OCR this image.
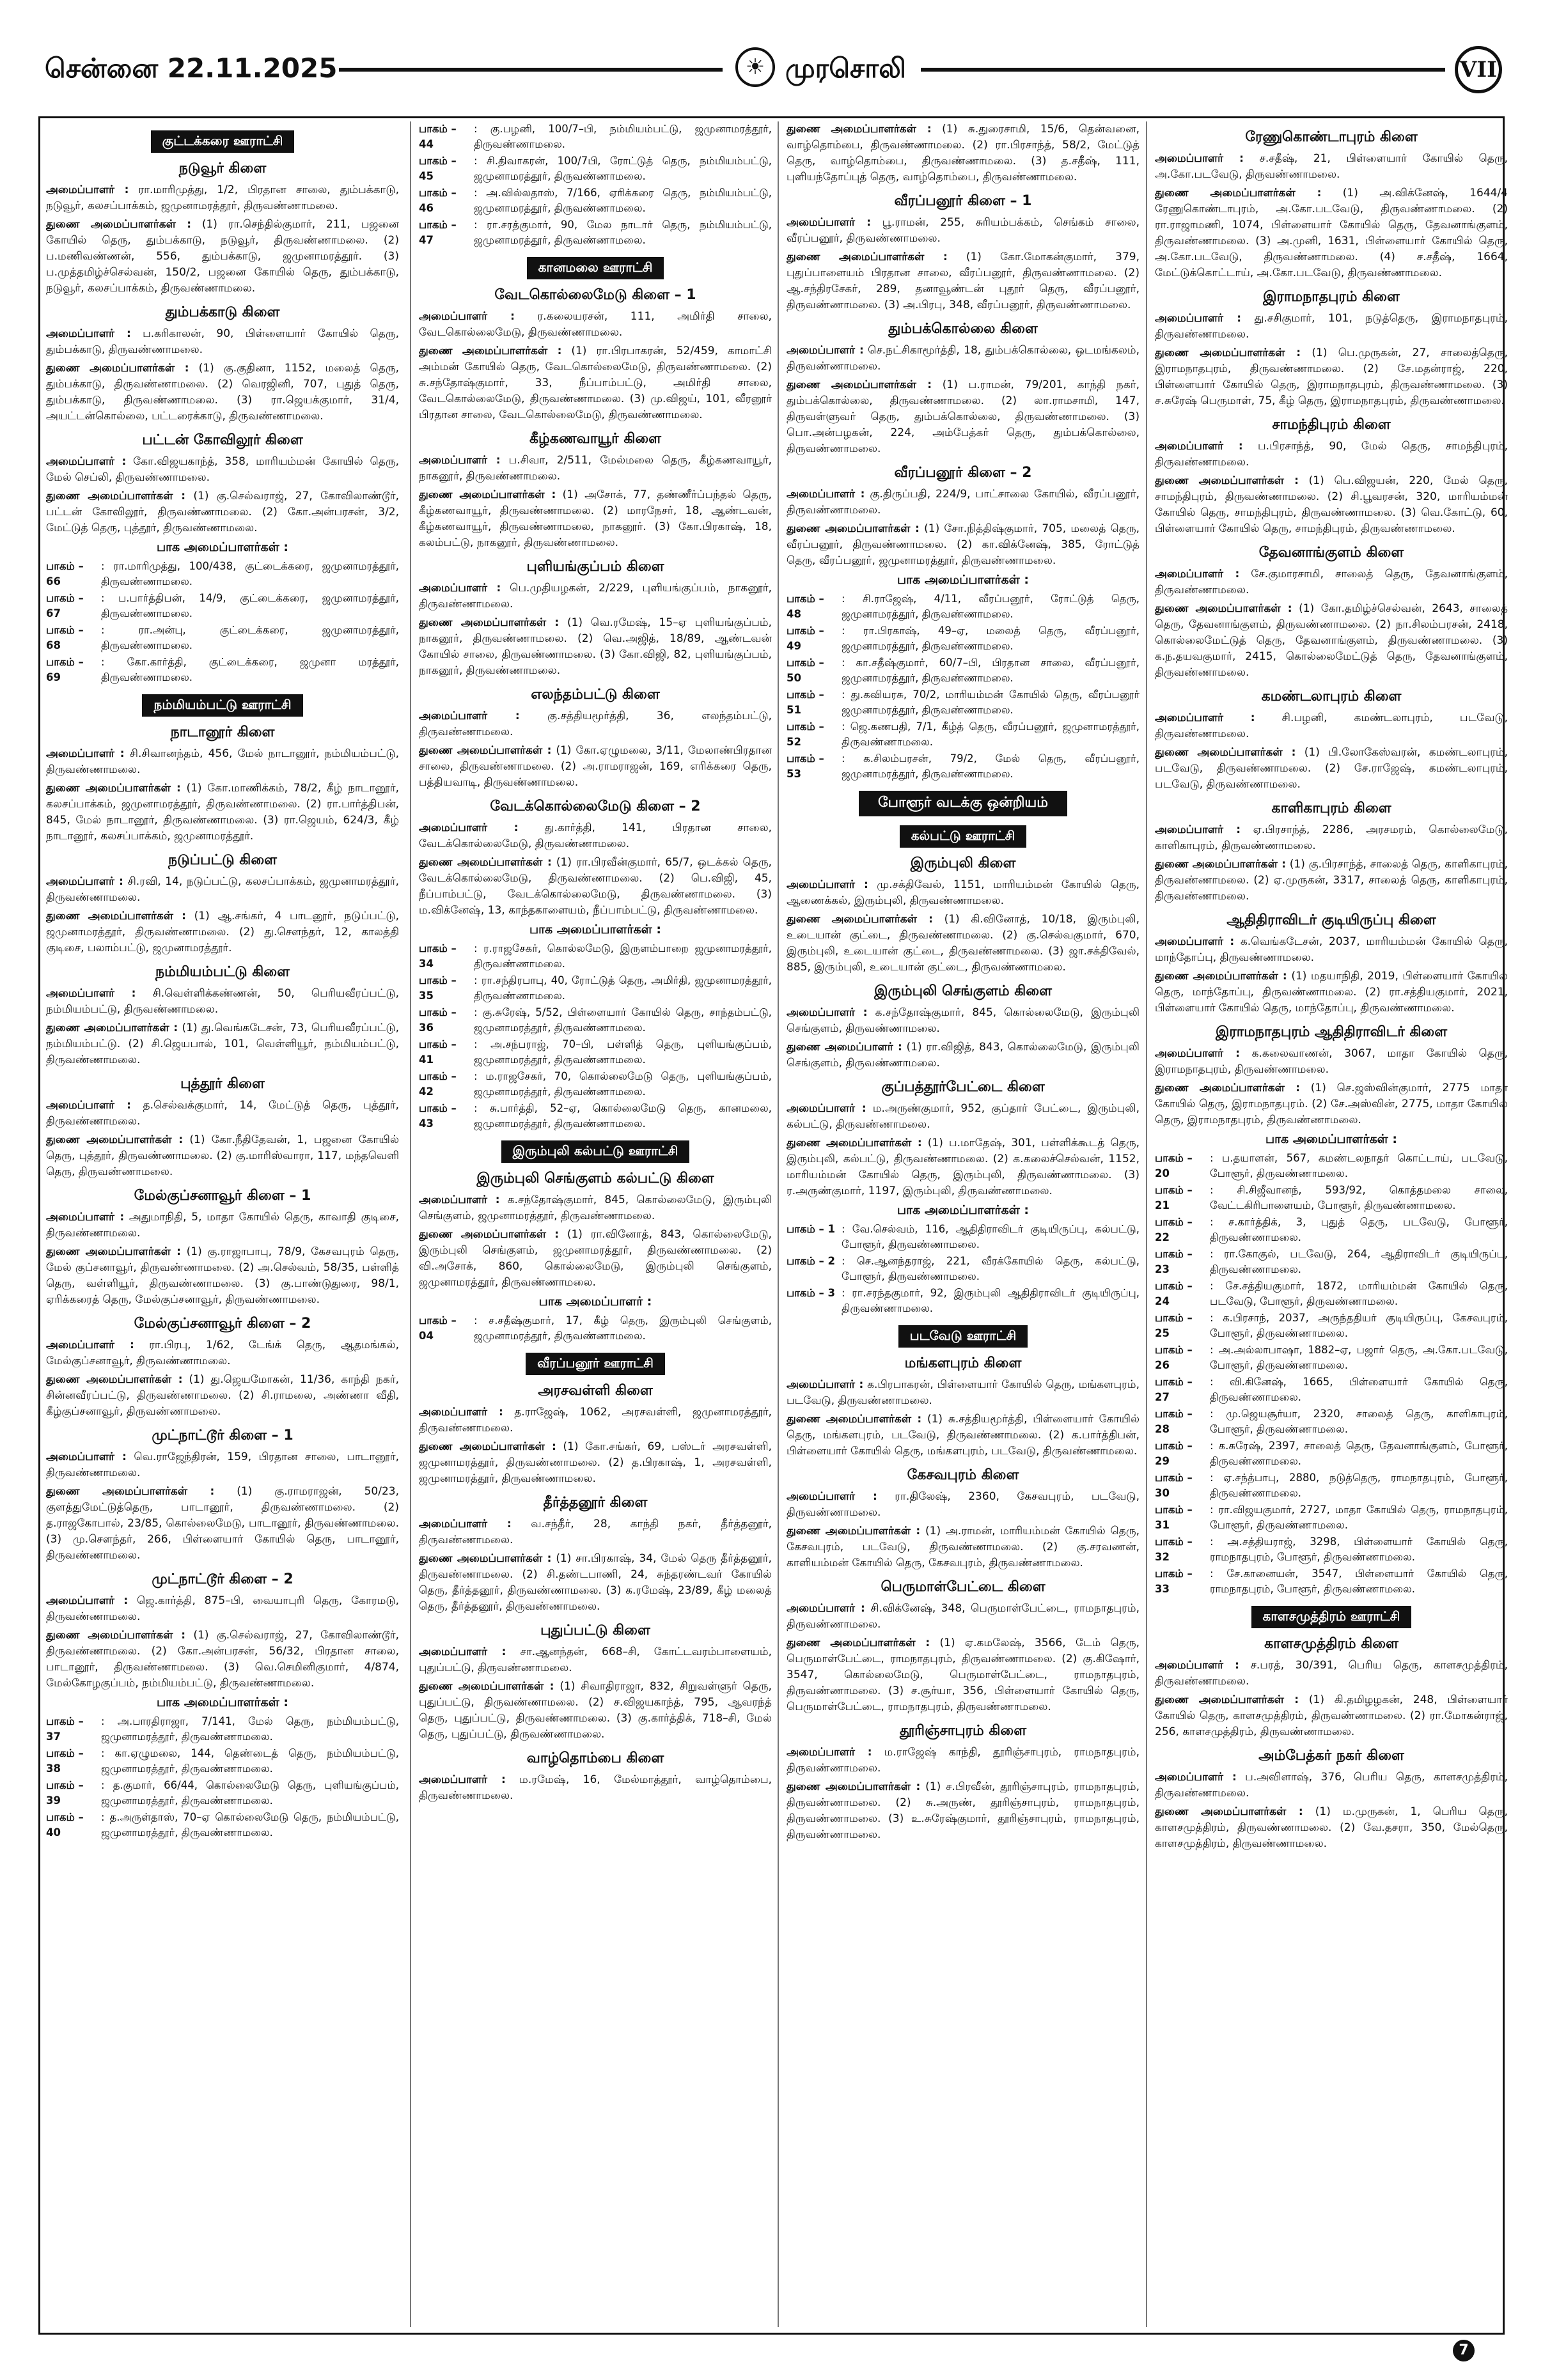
சென்னை 22.11.2025	☀ முரசொலி	VII
குட்டக்கரை ஊராட்சி
நடுவூர் கிளை

அமைப்பாளர் : ரா.மாரிமுத்து, 1/2, பிரதான சாலை, தும்பக்காடு, நடுவூர், கலசப்பாக்கம், ஜமுனாமரத்தூர், திருவண்ணாமலை.

துணை அமைப்பாளர்கள் : (1) ரா.செந்தில்குமார், 211, பஜனை கோயில் தெரு, தும்பக்காடு, நடுவூர், திருவண்ணாமலை. (2) ப.மணிவண்ணன், 556, தும்பக்காடு, ஜமுனாமரத்தூர். (3) ப.முத்தமிழ்ச்செல்வன், 150/2, பஜனை கோயில் தெரு, தும்பக்காடு, நடுவூர், கலசப்பாக்கம், திருவண்ணாமலை.

தும்பக்காடு கிளை

அமைப்பாளர் : ப.கரிகாலன், 90, பிள்ளையார் கோயில் தெரு, தும்பக்காடு, திருவண்ணாமலை.

துணை அமைப்பாளர்கள் : (1) கு.குதினா, 1152, மலைத் தெரு, தும்பக்காடு, திருவண்ணாமலை. (2) வெரஜினி, 707, புதுத் தெரு, தும்பக்காடு, திருவண்ணாமலை. (3) ரா.ஜெயக்குமார், 31/4, அயட்டன்கொல்லை, பட்டரைக்காடு, திருவண்ணாமலை.

பட்டன் கோவிலூர் கிளை

அமைப்பாளர் : கோ.விஜயகாந்த், 358, மாரியம்மன் கோயில் தெரு, மேல் செப்லி, திருவண்ணாமலை.

துணை அமைப்பாளர்கள் : (1) கு.செல்வராஜ், 27, கோவிலாண்டூர், பட்டன் கோவிலூர், திருவண்ணாமலை. (2) கோ.அன்பரசன், 3/2, மேட்டுத் தெரு, புத்தூர், திருவண்ணாமலை.

பாக அமைப்பாளர்கள் :
பாகம் – 66
: ரா.மாரிமுத்து, 100/438, குட்டைக்கரை, ஜமுனாமரத்தூர், திருவண்ணாமலை.
பாகம் – 67
: ப.பார்த்திபன், 14/9, குட்டைக்கரை, ஜமுனாமரத்தூர், திருவண்ணாமலை.
பாகம் – 68
: ரா.அன்பு, குட்டைக்கரை, ஜமுனாமரத்தூர், திருவண்ணாமலை.
பாகம் – 69
: கோ.கார்த்தி, குட்டைக்கரை, ஜமுனா மரத்தூர், திருவண்ணாமலை.
நம்மியம்பட்டு ஊராட்சி
நாடானூர் கிளை

அமைப்பாளர் : சி.சிவானந்தம், 456, மேல் நாடானூர், நம்மியம்பட்டு, திருவண்ணாமலை.

துணை அமைப்பாளர்கள் : (1) கோ.மாணிக்கம், 78/2, கீழ் நாடானூர், கலசப்பாக்கம், ஜமுனாமரத்தூர், திருவண்ணாமலை. (2) ரா.பார்த்திபன், 845, மேல் நாடானூர், திருவண்ணாமலை. (3) ரா.ஜெயம், 624/3, கீழ் நாடானூர், கலசப்பாக்கம், ஜமுனாமரத்தூர்.

நடுப்பட்டு கிளை

அமைப்பாளர் : சி.ரவி, 14, நடுப்பட்டு, கலசப்பாக்கம், ஜமுனாமரத்தூர், திருவண்ணாமலை.

துணை அமைப்பாளர்கள் : (1) ஆ.சங்கர், 4 பாடனூர், நடுப்பட்டு, ஜமுனாமரத்தூர், திருவண்ணாமலை. (2) து.சௌந்தர், 12, காலத்தி குடிசை, பலாம்பட்டு, ஜமுனாமரத்தூர்.

நம்மியம்பட்டு கிளை

அமைப்பாளர் : சி.வெள்ளிக்கண்ணன், 50, பெரியவீரப்பட்டு, நம்மியம்பட்டு, திருவண்ணாமலை.

துணை அமைப்பாளர்கள் : (1) து.வெங்கடேசன், 73, பெரியவீரப்பட்டு, நம்மியம்பட்டு. (2) சி.ஜெயபால், 101, வெள்ளியூர், நம்மியம்பட்டு, திருவண்ணாமலை.

புத்தூர் கிளை

அமைப்பாளர் : த.செல்வக்குமார், 14, மேட்டுத் தெரு, புத்தூர், திருவண்ணாமலை.

துணை அமைப்பாளர்கள் : (1) கோ.நீதிதேவன், 1, பஜனை கோயில் தெரு, புத்தூர், திருவண்ணாமலை. (2) கு.மாரிஸ்வாரா, 117, மந்தவெளி தெரு, திருவண்ணாமலை.

மேல்குப்சனாவூர் கிளை – 1

அமைப்பாளர் : அதுமாநிதி, 5, மாதா கோயில் தெரு, காவாதி குடிசை, திருவண்ணாமலை.

துணை அமைப்பாளர்கள் : (1) கு.ராஜாபாபு, 78/9, கேசவபுரம் தெரு, மேல் குப்சனாவூர், திருவண்ணாமலை. (2) அ.செல்வம், 58/35, பள்ளித் தெரு, வள்ளியூர், திருவண்ணாமலை. (3) கு.பாண்டுதுரை, 98/1, ஏரிக்கரைத் தெரு, மேல்குப்சனாவூர், திருவண்ணாமலை.

மேல்குப்சனாவூர் கிளை – 2

அமைப்பாளர் : ரா.பிரபு, 1/62, டேங்க் தெரு, ஆதமங்கல், மேல்குப்சனாவூர், திருவண்ணாமலை.

துணை அமைப்பாளர்கள் : (1) து.ஜெயமோகன், 11/36, காந்தி நகர், சின்னவீரப்பட்டு, திருவண்ணாமலை. (2) சி.ராமலை, அண்ணா வீதி, கீழ்குப்சனாவூர், திருவண்ணாமலை.

முட்நாட்டூர் கிளை – 1

அமைப்பாளர் : வெ.ராஜேந்திரன், 159, பிரதான சாலை, பாடானூர், திருவண்ணாமலை.

துணை அமைப்பாளர்கள் : (1) கு.ராமராஜன், 50/23, குளத்துமேட்டுத்தெரு, பாடானூர், திருவண்ணாமலை. (2) த.ராஜகோபால், 23/85, கொல்லைமேடு, பாடானூர், திருவண்ணாமலை. (3) மு.செளந்தர், 266, பிள்ளையார் கோயில் தெரு, பாடானூர், திருவண்ணாமலை.

முட்நாட்டூர் கிளை – 2

அமைப்பாளர் : ஜெ.கார்த்தி, 875–பி, வையாபுரி தெரு, கோரமடு, திருவண்ணாமலை.

துணை அமைப்பாளர்கள் : (1) கு.செல்வராஜ், 27, கோவிலாண்டூர், திருவண்ணாமலை. (2) கோ.அன்பரசன், 56/32, பிரதான சாலை, பாடானூர், திருவண்ணாமலை. (3) வெ.செமினிகுமார், 4/874, மேல்கோழகுப்பம், நம்மியம்பட்டு, திருவண்ணாமலை.

பாக அமைப்பாளர்கள் :
பாகம் – 37
: அ.பாரதிராஜா, 7/141, மேல் தெரு, நம்மியம்பட்டு, ஜமுனாமரத்தூர், திருவண்ணாமலை.
பாகம் – 38
: கா.ஏழுமலை, 144, தெண்டைத் தெரு, நம்மியம்பட்டு, ஜமுனாமரத்தூர், திருவண்ணாமலை.
பாகம் – 39
: த.குமார், 66/44, கொல்லைமேடு தெரு, புளியங்குப்பம், ஜமுனாமரத்தூர், திருவண்ணாமலை.
பாகம் – 40
: த.அருள்தாஸ், 70–ஏ கொல்லைமேடு தெரு, நம்மியம்பட்டு, ஜமுனாமரத்தூர், திருவண்ணாமலை.
பாகம் – 44
: கு.பழனி, 100/7–பி, நம்மியம்பட்டு, ஜமுனாமரத்தூர், திருவண்ணாமலை.
பாகம் – 45
: சி.திவாகரன், 100/7பி, ரோட்டுத் தெரு, நம்மியம்பட்டு, ஜமுனாமரத்தூர், திருவண்ணாமலை.
பாகம் – 46
: அ.வில்லதாஸ், 7/166, ஏரிக்கரை தெரு, நம்மியம்பட்டு, ஜமுனாமரத்தூர், திருவண்ணாமலை.
பாகம் – 47
: ரா.சரத்குமார், 90, மேல நாடார் தெரு, நம்மியம்பட்டு, ஜமுனாமரத்தூர், திருவண்ணாமலை.
கானமலை ஊராட்சி
வேடகொல்லைமேடு கிளை – 1

அமைப்பாளர் : ர.கலையரசன், 111, அமிர்தி சாலை, வேடகொல்லைமேடு, திருவண்ணாமலை.

துணை அமைப்பாளர்கள் : (1) ரா.பிரபாகரன், 52/459, காமாட்சி அம்மன் கோயில் தெரு, வேடகொல்லைமேடு, திருவண்ணாமலை. (2) சு.சந்தோஷ்குமார், 33, நீப்பாம்பட்டு, அமிர்தி சாலை, வேடகொல்லைமேடு, திருவண்ணாமலை. (3) மு.விஜய், 101, வீரனூர் பிரதான சாலை, வேடகொல்லைமேடு, திருவண்ணாமலை.

கீழ்கணவாயூர் கிளை

அமைப்பாளர் : ப.சிவா, 2/511, மேல்மலை தெரு, கீழ்கணவாயூர், நாகனூர், திருவண்ணாமலை.

துணை அமைப்பாளர்கள் : (1) அசோக், 77, தண்ணீர்ப்பந்தல் தெரு, கீழ்கணவாயூர், திருவண்ணாமலை. (2) மாரநேசர், 18, ஆண்டவன், கீழ்கணவாயூர், திருவண்ணாமலை, நாகனூர். (3) கோ.பிரகாஷ், 18, கலம்பட்டு, நாகனூர், திருவண்ணாமலை.

புளியங்குப்பம் கிளை

அமைப்பாளர் : பெ.முதியழகன், 2/229, புளியங்குப்பம், நாகனூர், திருவண்ணாமலை.

துணை அமைப்பாளர்கள் : (1) வெ.ரமேஷ், 15–ஏ புளியங்குப்பம், நாகனூர், திருவண்ணாமலை. (2) வெ.அஜித், 18/89, ஆண்டவன் கோயில் சாலை, திருவண்ணாமலை. (3) கோ.விஜி, 82, புளியங்குப்பம், நாகனூர், திருவண்ணாமலை.

எலந்தம்பட்டு கிளை

அமைப்பாளர் : கு.சத்தியமூர்த்தி, 36, எலந்தம்பட்டு, திருவண்ணாமலை.

துணை அமைப்பாளர்கள் : (1) கோ.ஏழுமலை, 3/11, மேலாண்பிரதான சாலை, திருவண்ணாமலை. (2) அ.ராமராஜன், 169, எரிக்கரை தெரு, பத்தியவாடி, திருவண்ணாமலை.

வேடக்கொல்லைமேடு கிளை – 2

அமைப்பாளர் : து.கார்த்தி, 141, பிரதான சாலை, வேடக்கொல்லைமேடு, திருவண்ணாமலை.

துணை அமைப்பாளர்கள் : (1) ரா.பிரவீன்குமார், 65/7, ஒடக்கல் தெரு, வேடக்கொல்லைமேடு, திருவண்ணாமலை. (2) பெ.விஜி, 45, நீப்பாம்பட்டு, வேடக்கொல்லைமேடு, திருவண்ணாமலை. (3) ம.விக்னேஷ், 13, காந்தகாளையம், நீப்பாம்பட்டு, திருவண்ணாமலை.

பாக அமைப்பாளர்கள் :
பாகம் – 34
: ர.ராஜசேகர், கொல்லமேடு, இருளம்பாறை ஜமுனாமரத்தூர், திருவண்ணாமலை.
பாகம் – 35
: ரா.சந்திரபாபு, 40, ரோட்டுத் தெரு, அமிர்தி, ஜமுனாமரத்தூர், திருவண்ணாமலை.
பாகம் – 36
: கு.சுரேஷ், 5/52, பிள்ளையார் கோயில் தெரு, சாந்தம்பட்டு, ஜமுனாமரத்தூர், திருவண்ணாமலை.
பாகம் – 41
: அ.சந்பராஜ், 70–பி, பள்ளித் தெரு, புளியங்குப்பம், ஜமுனாமரத்தூர், திருவண்ணாமலை.
பாகம் – 42
: ம.ராஜசேகர், 70, கொல்லைமேடு தெரு, புளியங்குப்பம், ஜமுனாமரத்தூர், திருவண்ணாமலை.
பாகம் – 43
: சு.பார்த்தி, 52–ஏ, கொல்லைமேடு தெரு, கானமலை, ஜமுனாமரத்தூர், திருவண்ணாமலை.
இரும்புலி கல்பட்டு ஊராட்சி
இரும்புலி செங்குளம் கல்பட்டு கிளை

அமைப்பாளர் : க.சந்தோஷ்குமார், 845, கொல்லைமேடு, இரும்புலி செங்குளம், ஜமுனாமரத்தூர், திருவண்ணாமலை.

துணை அமைப்பாளர்கள் : (1) ரா.வினோத், 843, கொல்லைமேடு, இரும்புலி செங்குளம், ஜமுனாமரத்தூர், திருவண்ணாமலை. (2) வி.அசோக், 860, கொல்லைமேடு, இரும்புலி செங்குளம், ஜமுனாமரத்தூர், திருவண்ணாமலை.

பாக அமைப்பாளர் :
பாகம் – 04
: ச.சதீஷ்குமார், 17, கீழ் தெரு, இரும்புலி செங்குளம், ஜமுனாமரத்தூர், திருவண்ணாமலை.
வீரப்பனூர் ஊராட்சி
அரசவள்ளி கிளை

அமைப்பாளர் : த.ராஜேஷ், 1062, அரசவள்ளி, ஜமுனாமரத்தூர், திருவண்ணாமலை.

துணை அமைப்பாளர்கள் : (1) கோ.சங்கர், 69, பஸ்டர் அரசவள்ளி, ஜமுனாமரத்தூர், திருவண்ணாமலை. (2) த.பிரகாஷ், 1, அரசவள்ளி, ஜமுனாமரத்தூர், திருவண்ணாமலை.

தீர்த்தனூர் கிளை

அமைப்பாளர் : வ.சந்தீர், 28, காந்தி நகர், தீர்த்தனூர், திருவண்ணாமலை.

துணை அமைப்பாளர்கள் : (1) சா.பிரகாஷ், 34, மேல் தெரு தீர்த்தனூர், திருவண்ணாமலை. (2) சி.தண்டபாணி, 24, சுந்தரண்டவர் கோயில் தெரு, தீர்த்தனூர், திருவண்ணாமலை. (3) க.ரமேஷ், 23/89, கீழ் மலைத் தெரு, தீர்த்தனூர், திருவண்ணாமலை.

புதுப்பட்டு கிளை

அமைப்பாளர் : சா.ஆனந்தன், 668–சி, கோட்டவரம்பாளையம், புதுப்பட்டு, திருவண்ணாமலை.

துணை அமைப்பாளர்கள் : (1) சிவாதிராஜா, 832, சிறுவள்ளுர் தெரு, புதுப்பட்டு, திருவண்ணாமலை. (2) ச.விஜயகாந்த், 795, ஆவரந்த் தெரு, புதுப்பட்டு, திருவண்ணாமலை. (3) கு.கார்த்திக், 718–சி, மேல் தெரு, புதுப்பட்டு, திருவண்ணாமலை.

வாழ்தொம்பை கிளை

அமைப்பாளர் : ம.ரமேஷ், 16, மேல்மாத்தூர், வாழ்தொம்பை, திருவண்ணாமலை.

துணை அமைப்பாளர்கள் : (1) சு.துரைசாமி, 15/6, தென்வனை, வாழ்தொம்பை, திருவண்ணாமலை. (2) ரா.பிரசாந்த், 58/2, மேட்டுத் தெரு, வாழ்தொம்பை, திருவண்ணாமலை. (3) த.சதீஷ், 111, புளியந்தோப்புத் தெரு, வாழ்தொம்பை, திருவண்ணாமலை.

வீரப்பனூர் கிளை – 1

அமைப்பாளர் : பூ.ராமன், 255, சுரியம்பக்கம், செங்கம் சாலை, வீரப்பனூர், திருவண்ணாமலை.

துணை அமைப்பாளர்கள் : (1) கோ.மோகன்குமார், 379, புதுப்பாளையம் பிரதான சாலை, வீரப்பனூர், திருவண்ணாமலை. (2) ஆ.சந்திரசேகர், 289, தனாவூண்டன் புதூர் தெரு, வீரப்பனூர், திருவண்ணாமலை. (3) அ.பிரபு, 348, வீரப்பனூர், திருவண்ணாமலை.

தும்பக்கொல்லை கிளை

அமைப்பாளர் : செ.நட்சிகாமூர்த்தி, 18, தும்பக்கொல்லை, ஒடமங்கலம், திருவண்ணாமலை.

துணை அமைப்பாளர்கள் : (1) ப.ராமன், 79/201, காந்தி நகர், தும்பக்கொல்லை, திருவண்ணாமலை. (2) லா.ராமசாமி, 147, திருவள்ளுவர் தெரு, தும்பக்கொல்லை, திருவண்ணாமலை. (3) பொ.அன்பழகன், 224, அம்பேத்கர் தெரு, தும்பக்கொல்லை, திருவண்ணாமலை.

வீரப்பனூர் கிளை – 2

அமைப்பாளர் : கு.திருப்பதி, 224/9, பாட்சாலை கோயில், வீரப்பனூர், திருவண்ணாமலை.

துணை அமைப்பாளர்கள் : (1) சோ.நித்திஷ்குமார், 705, மலைத் தெரு, வீரப்பனூர், திருவண்ணாமலை. (2) கா.விக்னேஷ், 385, ரோட்டுத் தெரு, வீரப்பனூர், ஜமுனாமரத்தூர், திருவண்ணாமலை.

பாக அமைப்பாளர்கள் :
பாகம் – 48
: சி.ராஜேஷ், 4/11, வீரப்பனூர், ரோட்டுத் தெரு, ஜமுனாமரத்தூர், திருவண்ணாமலை.
பாகம் – 49
: ரா.பிரகாஷ், 49–ஏ, மலைத் தெரு, வீரப்பனூர், ஜமுனாமரத்தூர், திருவண்ணாமலை.
பாகம் – 50
: கா.சதீஷ்குமார், 60/7–பி, பிரதான சாலை, வீரப்பனூர், ஜமுனாமரத்தூர், திருவண்ணாமலை.
பாகம் – 51
: து.கவியரசு, 70/2, மாரியம்மன் கோயில் தெரு, வீரப்பனூர் ஜமுனாமரத்தூர், திருவண்ணாமலை.
பாகம் – 52
: ஜெ.கணபதி, 7/1, கீழ்த் தெரு, வீரப்பனூர், ஜமுனாமரத்தூர், திருவண்ணாமலை.
பாகம் – 53
: க.சிலம்பரசன், 79/2, மேல் தெரு, வீரப்பனூர், ஜமுனாமரத்தூர், திருவண்ணாமலை.
போளூர் வடக்கு ஒன்றியம்
கல்பட்டு ஊராட்சி
இரும்புலி கிளை

அமைப்பாளர் : மு.சக்திவேல், 1151, மாரியம்மன் கோயில் தெரு, ஆணைக்கல், இரும்புலி, திருவண்ணாமலை.

துணை அமைப்பாளர்கள் : (1) கி.வினோத், 10/18, இரும்புலி, உடையான் குட்டை, திருவண்ணாமலை. (2) கு.செல்வகுமார், 670, இரும்புலி, உடையான் குட்டை, திருவண்ணாமலை. (3) ஜா.சக்திவேல், 885, இரும்புலி, உடையான் குட்டை, திருவண்ணாமலை.

இரும்புலி செங்குளம் கிளை

அமைப்பாளர் : க.சந்தோஷ்குமார், 845, கொல்லைமேடு, இரும்புலி செங்குளம், திருவண்ணாமலை.

துணை அமைப்பாளர் : (1) ரா.விஜித், 843, கொல்லைமேடு, இரும்புலி செங்குளம், திருவண்ணாமலை.

குப்பத்தூர்பேட்டை கிளை

அமைப்பாளர் : ம.அருண்குமார், 952, குப்தார் பேட்டை, இரும்புலி, கல்பட்டு, திருவண்ணாமலை.

துணை அமைப்பாளர்கள் : (1) ப.மாதேஷ், 301, பள்ளிக்கூடத் தெரு, இரும்புலி, கல்பட்டு, திருவண்ணாமலை. (2) க.கலைச்செல்வன், 1152, மாரியம்மன் கோயில் தெரு, இரும்புலி, திருவண்ணாமலை. (3) ர.அருண்குமார், 1197, இரும்புலி, திருவண்ணாமலை.

பாக அமைப்பாளர்கள் :
பாகம் – 1 : வே.செல்வம், 116, ஆதிதிராவிடர் குடியிருப்பு, கல்பட்டு, போளூர், திருவண்ணாமலை.
பாகம் – 2 : செ.ஆனந்தராஜ், 221, வீரக்கோயில் தெரு, கல்பட்டு, போளூர், திருவண்ணாமலை.
பாகம் – 3 : ரா.சரந்தகுமார், 92, இரும்புலி ஆதிதிராவிடர் குடியிருப்பு, திருவண்ணாமலை.
படவேடு ஊராட்சி
மங்களபுரம் கிளை

அமைப்பாளர் : க.பிரபாகரன், பிள்ளையார் கோயில் தெரு, மங்களபுரம், படவேடு, திருவண்ணாமலை.

துணை அமைப்பாளர்கள் : (1) சு.சத்தியமூர்த்தி, பிள்ளையார் கோயில் தெரு, மங்களபுரம், படவேடு, திருவண்ணாமலை. (2) க.பார்த்திபன், பிள்ளையார் கோயில் தெரு, மங்களபுரம், படவேடு, திருவண்ணாமலை.

கேசவபுரம் கிளை

அமைப்பாளர் : ரா.திலேஷ், 2360, கேசவபுரம், படவேடு, திருவண்ணாமலை.

துணை அமைப்பாளர்கள் : (1) அ.ராமன், மாரியம்மன் கோயில் தெரு, கேசவபுரம், படவேடு, திருவண்ணாமலை. (2) கு.சரவணன், காளியம்மன் கோயில் தெரு, கேசவபுரம், திருவண்ணாமலை.

பெருமாள்பேட்டை கிளை

அமைப்பாளர் : சி.விக்னேஷ், 348, பெருமாள்பேட்டை, ராமநாதபுரம், திருவண்ணாமலை.

துணை அமைப்பாளர்கள் : (1) ஏ.கமலேஷ், 3566, டேம் தெரு, பெருமாள்பேட்டை, ராமநாதபுரம், திருவண்ணாமலை. (2) கு.கிஷோர், 3547, கொல்லைமேடு, பெருமாள்பேட்டை, ராமநாதபுரம், திருவண்ணாமலை. (3) ச.சூர்யா, 356, பிள்ளையார் கோயில் தெரு, பெருமாள்பேட்டை, ராமநாதபுரம், திருவண்ணாமலை.

தூரிஞ்சாபுரம் கிளை

அமைப்பாளர் : ம.ராஜேஷ் காந்தி, தூரிஞ்சாபுரம், ராமநாதபுரம், திருவண்ணாமலை.

துணை அமைப்பாளர்கள் : (1) ச.பிரவீன், தூரிஞ்சாபுரம், ராமநாதபுரம், திருவண்ணாமலை. (2) சு.அருண், தூரிஞ்சாபுரம், ராமநாதபுரம், திருவண்ணாமலை. (3) உ.சுரேஷ்குமார், தூரிஞ்சாபுரம், ராமநாதபுரம், திருவண்ணாமலை.

ரேணுகொண்டாபுரம் கிளை

அமைப்பாளர் : ச.சதீஷ், 21, பிள்ளையார் கோயில் தெரு, அ.கோ.படவேடு, திருவண்ணாமலை.

துணை அமைப்பாளர்கள் : (1) அ.விக்னேஷ், 1644/4 ரேணுகொண்டாபுரம், அ.கோ.படவேடு, திருவண்ணாமலை. (2) ரா.ராஜாமணி, 1074, பிள்ளையார் கோயில் தெரு, தேவனாங்குளம், திருவண்ணாமலை. (3) அ.முனி, 1631, பிள்ளையார் கோயில் தெரு, அ.கோ.படவேடு, திருவண்ணாமலை. (4) ச.சதீஷ், 1664, மேட்டுக்கொட்டாய், அ.கோ.படவேடு, திருவண்ணாமலை.

இராமநாதபுரம் கிளை

அமைப்பாளர் : து.சசிகுமார், 101, நடுத்தெரு, இராமநாதபுரம், திருவண்ணாமலை.

துணை அமைப்பாளர்கள் : (1) பெ.முருகன், 27, சாலைத்தெரு, இராமநாதபுரம், திருவண்ணாமலை. (2) சே.மதன்ராஜ், 220, பிள்ளையார் கோயில் தெரு, இராமநாதபுரம், திருவண்ணாமலை. (3) ச.சுரேஷ் பெருமாள், 75, கீழ் தெரு, இராமநாதபுரம், திருவண்ணாமலை.

சாமந்திபுரம் கிளை

அமைப்பாளர் : ப.பிரசாந்த், 90, மேல் தெரு, சாமந்திபுரம், திருவண்ணாமலை.

துணை அமைப்பாளர்கள் : (1) பெ.விஜயன், 220, மேல் தெரு, சாமந்திபுரம், திருவண்ணாமலை. (2) சி.பூவரசன், 320, மாரியம்மன் கோயில் தெரு, சாமந்திபுரம், திருவண்ணாமலை. (3) வெ.கோட்டு, 60, பிள்ளையார் கோயில் தெரு, சாமந்திபுரம், திருவண்ணாமலை.

தேவனாங்குளம் கிளை

அமைப்பாளர் : சே.குமாரசாமி, சாலைத் தெரு, தேவனாங்குளம், திருவண்ணாமலை.

துணை அமைப்பாளர்கள் : (1) கோ.தமிழ்ச்செல்வன், 2643, சாலைத் தெரு, தேவனாங்குளம், திருவண்ணாமலை. (2) நா.சிலம்பரசன், 2418, கொல்லைமேட்டுத் தெரு, தேவனாங்குளம், திருவண்ணாமலை. (3) க.ந.தயவகுமார், 2415, கொல்லைமேட்டுத் தெரு, தேவனாங்குளம், திருவண்ணாமலை.

கமண்டலாபுரம் கிளை

அமைப்பாளர் : சி.பழனி, கமண்டலாபுரம், படவேடு, திருவண்ணாமலை.

துணை அமைப்பாளர்கள் : (1) பி.லோகேஸ்வரன், கமண்டலாபுரம், படவேடு, திருவண்ணாமலை. (2) சே.ராஜேஷ், கமண்டலாபுரம், படவேடு, திருவண்ணாமலை.

காளிகாபுரம் கிளை

அமைப்பாளர் : ஏ.பிரசாந்த், 2286, அரசமரம், கொல்லைமேடு, காளிகாபுரம், திருவண்ணாமலை.

துணை அமைப்பாளர்கள் : (1) கு.பிரசாந்த், சாலைத் தெரு, காளிகாபுரம், திருவண்ணாமலை. (2) ஏ.முருகன், 3317, சாலைத் தெரு, காளிகாபுரம், திருவண்ணாமலை.

ஆதிதிராவிடர் குடியிருப்பு கிளை

அமைப்பாளர் : க.வெங்கடேசன், 2037, மாரியம்மன் கோயில் தெரு, மாந்தோப்பு, திருவண்ணாமலை.

துணை அமைப்பாளர்கள் : (1) மதயாநிதி, 2019, பிள்ளையார் கோயில் தெரு, மாந்தோப்பு, திருவண்ணாமலை. (2) ரா.சத்தியகுமார், 2021, பிள்ளையார் கோயில் தெரு, மாந்தோப்பு, திருவண்ணாமலை.

இராமநாதபுரம் ஆதிதிராவிடர் கிளை

அமைப்பாளர் : க.கலைவாணன், 3067, மாதா கோயில் தெரு, இராமநாதபுரம், திருவண்ணாமலை.

துணை அமைப்பாளர்கள் : (1) செ.ஜஸ்வின்குமார், 2775 மாதா கோயில் தெரு, இராமநாதபுரம். (2) சே.அஸ்வின், 2775, மாதா கோயில் தெரு, இராமநாதபுரம், திருவண்ணாமலை.

பாக அமைப்பாளர்கள் :
பாகம் – 20
: ப.தயாளன், 567, கமண்டலநாதர் கொட்டாய், படவேடு, போளூர், திருவண்ணாமலை.
பாகம் – 21
: சி.சிஜீவானந், 593/92, கொத்தமலை சாலை, வேட்டகிரிபாளையம், போளூர், திருவண்ணாமலை.
பாகம் – 22
: ச.கார்த்திக், 3, புதுத் தெரு, படவேடு, போளூர், திருவண்ணாமலை.
பாகம் – 23
: ரா.கோகுல், படவேடு, 264, ஆதிராவிடர் குடியிருப்பு, திருவண்ணாமலை.
பாகம் – 24
: சே.சத்தியகுமார், 1872, மாரியம்மன் கோயில் தெரு, படவேடு, போளூர், திருவண்ணாமலை.
பாகம் – 25
: க.பிரசாந், 2037, அருந்ததியர் குடியிருப்பு, கேசவபுரம், போளூர், திருவண்ணாமலை.
பாகம் – 26
: அ.அல்லாபாஷா, 1882–ஏ, பஜார் தெரு, அ.கோ.படவேடு, போளூர், திருவண்ணாமலை.
பாகம் – 27
: வி.கினேஷ், 1665, பிள்ளையார் கோயில் தெரு, திருவண்ணாமலை.
பாகம் – 28
: மு.ஜெயசூர்யா, 2320, சாலைத் தெரு, காளிகாபுரம், போளூர், திருவண்ணாமலை.
பாகம் – 29
: க.சுரேஷ், 2397, சாலைத் தெரு, தேவனாங்குளம், போளூர், திருவண்ணாமலை.
பாகம் – 30
: ஏ.சந்த்பாபு, 2880, நடுத்தெரு, ராமநாதபுரம், போளூர், திருவண்ணாமலை.
பாகம் – 31
: ரா.விஜயகுமார், 2727, மாதா கோயில் தெரு, ராமநாதபுரம், போளூர், திருவண்ணாமலை.
பாகம் – 32
: அ.சத்தியராஜ், 3298, பிள்ளையார் கோயில் தெரு, ராமநாதபுரம், போளூர், திருவண்ணாமலை.
பாகம் – 33
: சே.கானையன், 3547, பிள்ளையார் கோயில் தெரு, ராமநாதபுரம், போளூர், திருவண்ணாமலை.
காளசமுத்திரம் ஊராட்சி
காளசமுத்திரம் கிளை

அமைப்பாளர் : ச.பரத், 30/391, பெரிய தெரு, காளசமுத்திரம், திருவண்ணாமலை.

துணை அமைப்பாளர்கள் : (1) கி.தமிழழகன், 248, பிள்ளையார் கோயில் தெரு, காளசமுத்திரம், திருவண்ணாமலை. (2) ரா.மோகன்ராஜ், 256, காளசமுத்திரம், திருவண்ணாமலை.

அம்பேத்கர் நகர் கிளை

அமைப்பாளர் : ப.அவிளாஷ், 376, பெரிய தெரு, காளசமுத்திரம், திருவண்ணாமலை.

துணை அமைப்பாளர்கள் : (1) ம.முருகன், 1, பெரிய தெரு, காளசமுத்திரம், திருவண்ணாமலை. (2) வே.தசரா, 350, மேல்தெரு, காளசமுத்திரம், திருவண்ணாமலை.

7
